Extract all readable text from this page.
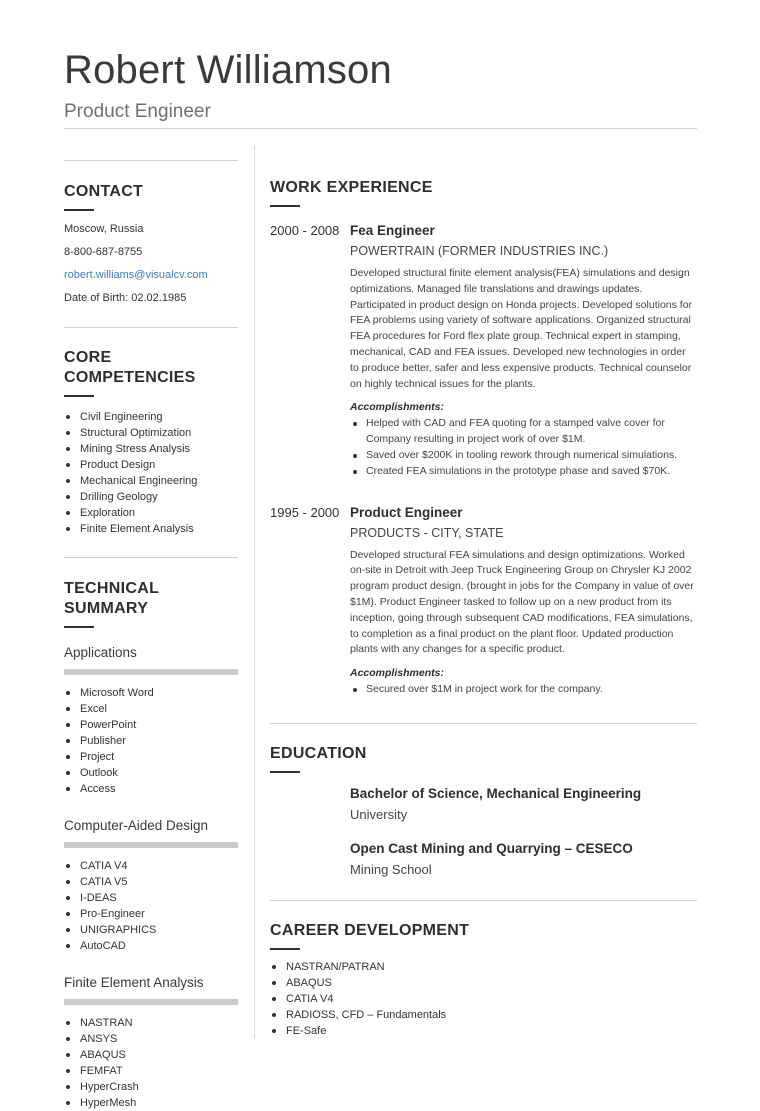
Robert Williamson
Product Engineer
CONTACT
Moscow, Russia
8-800-687-8755
robert.williams@visualcv.com
Date of Birth: 02.02.1985
CORE COMPETENCIES
Civil Engineering
Structural Optimization
Mining Stress Analysis
Product Design
Mechanical Engineering
Drilling Geology
Exploration
Finite Element Analysis
TECHNICAL SUMMARY
Applications
Microsoft Word
Excel
PowerPoint
Publisher
Project
Outlook
Access
Computer-Aided Design
CATIA V4
CATIA V5
I-DEAS
Pro-Engineer
UNIGRAPHICS
AutoCAD
Finite Element Analysis
NASTRAN
ANSYS
ABAQUS
FEMFAT
HyperCrash
HyperMesh
WORK EXPERIENCE
2000 - 2008 Fea Engineer
POWERTRAIN (FORMER INDUSTRIES INC.)
Developed structural finite element analysis(FEA) simulations and design optimizations. Managed file translations and drawings updates. Participated in product design on Honda projects. Developed solutions for FEA problems using variety of software applications. Organized structural FEA procedures for Ford flex plate group. Technical expert in stamping, mechanical, CAD and FEA issues. Developed new technologies in order to produce better, safer and less expensive products. Technical counselor on highly technical issues for the plants.
Accomplishments:
Helped with CAD and FEA quoting for a stamped valve cover for Company resulting in project work of over $1M.
Saved over $200K in tooling rework through numerical simulations.
Created FEA simulations in the prototype phase and saved $70K.
1995 - 2000 Product Engineer
PRODUCTS - CITY, STATE
Developed structural FEA simulations and design optimizations. Worked on-site in Detroit with Jeep Truck Engineering Group on Chrysler KJ 2002 program product design. (brought in jobs for the Company in value of over $1M). Product Engineer tasked to follow up on a new product from its inception, going through subsequent CAD modifications, FEA simulations, to completion as a final product on the plant floor. Updated production plants with any changes for a specific product.
Accomplishments:
Secured over $1M in project work for the company.
EDUCATION
Bachelor of Science, Mechanical Engineering
University
Open Cast Mining and Quarrying – CESECO
Mining School
CAREER DEVELOPMENT
NASTRAN/PATRAN
ABAQUS
CATIA V4
RADIOSS, CFD – Fundamentals
FE-Safe
